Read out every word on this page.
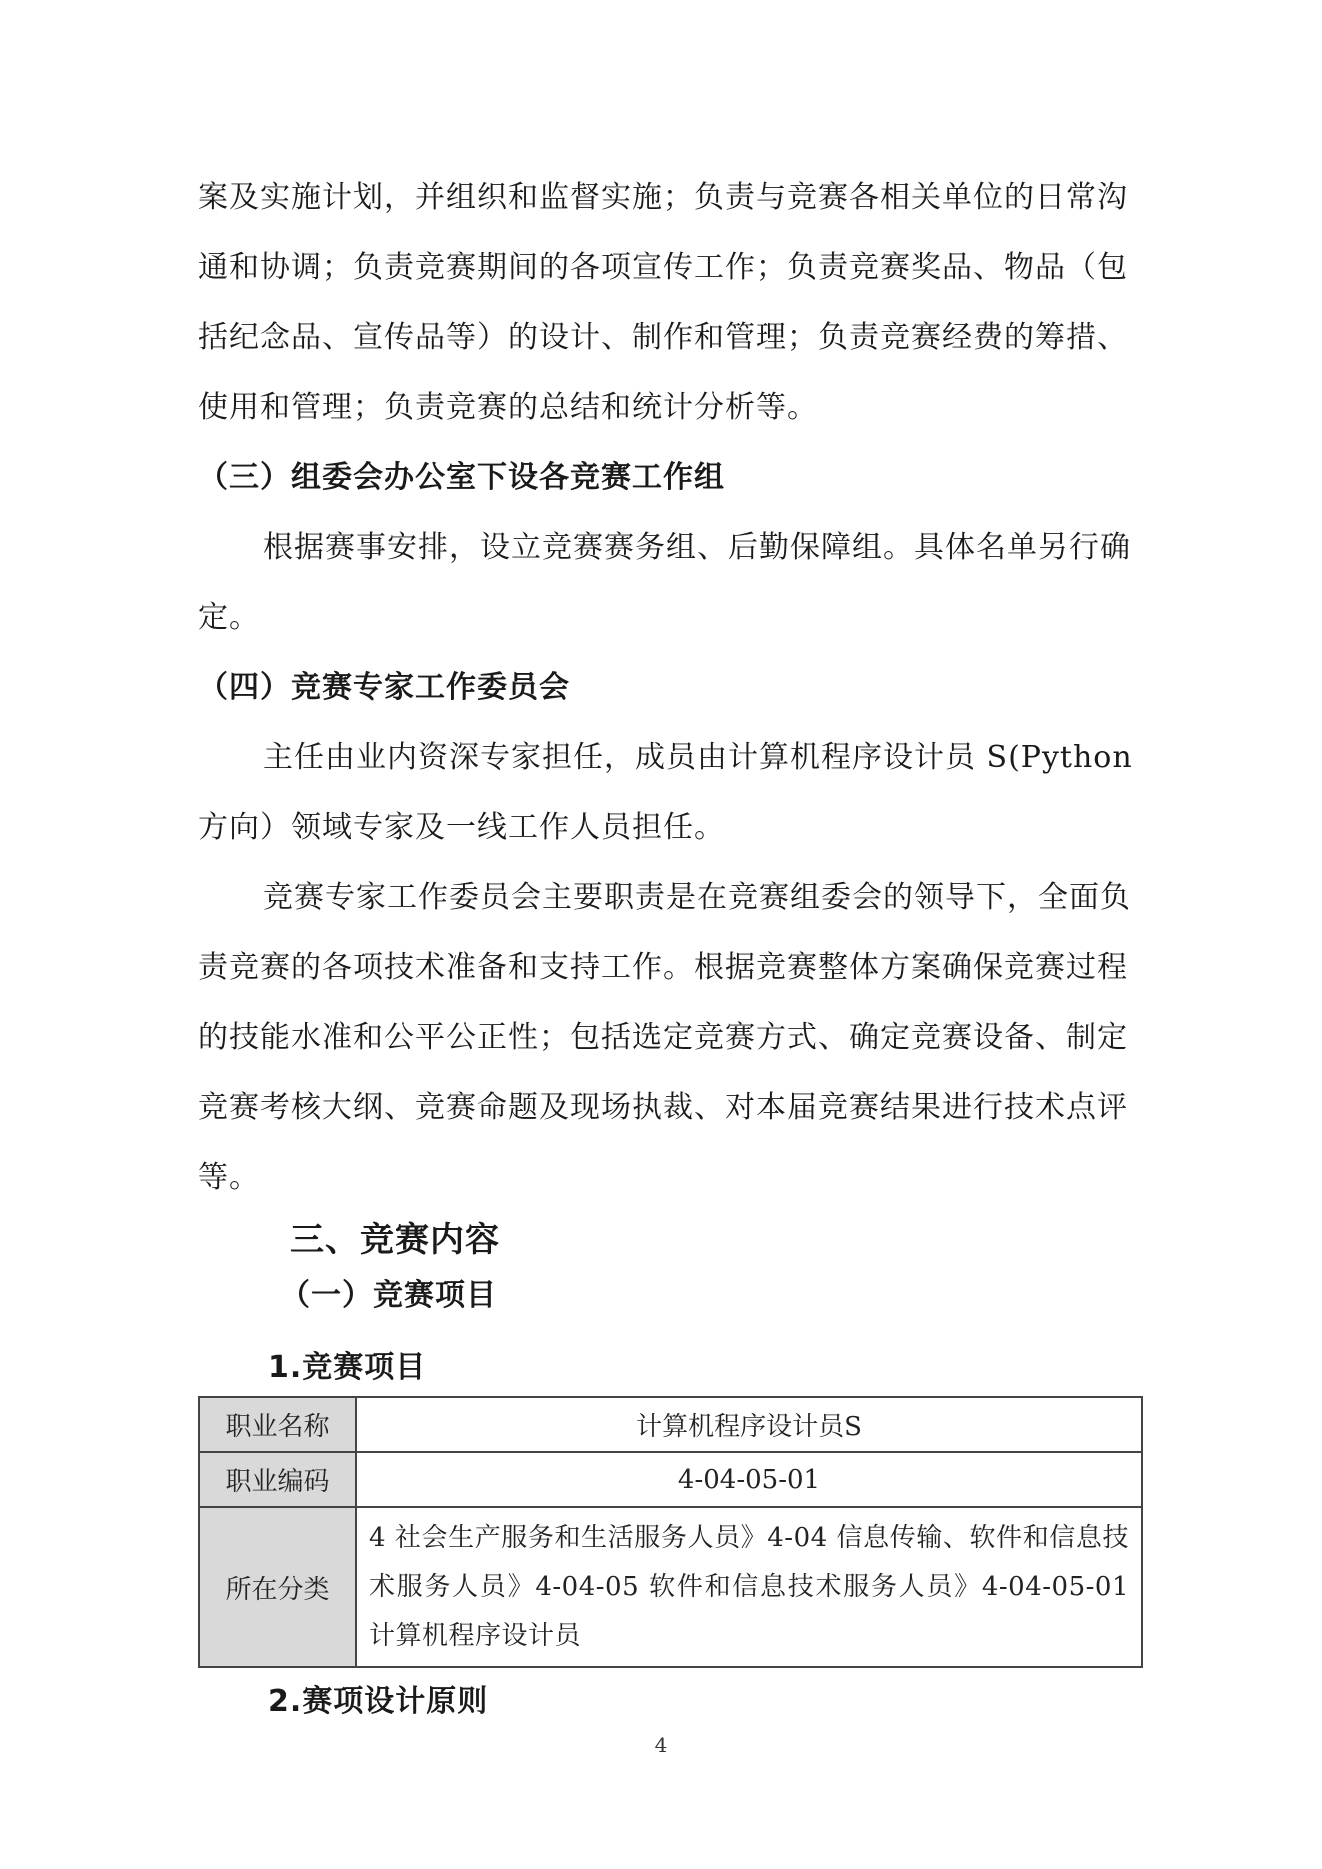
案及实施计划，并组织和监督实施；负责与竞赛各相关单位的日常沟
通和协调；负责竞赛期间的各项宣传工作；负责竞赛奖品、物品（包
括纪念品、宣传品等）的设计、制作和管理；负责竞赛经费的筹措、
使用和管理；负责竞赛的总结和统计分析等。
（三）组委会办公室下设各竞赛工作组
根据赛事安排，设立竞赛赛务组、后勤保障组。具体名单另行确
定。
（四）竞赛专家工作委员会
主任由业内资深专家担任，成员由计算机程序设计员 S(Python
方向）领域专家及一线工作人员担任。
竞赛专家工作委员会主要职责是在竞赛组委会的领导下，全面负
责竞赛的各项技术准备和支持工作。根据竞赛整体方案确保竞赛过程
的技能水准和公平公正性；包括选定竞赛方式、确定竞赛设备、制定
竞赛考核大纲、竞赛命题及现场执裁、对本届竞赛结果进行技术点评
等。
三、竞赛内容
（一）竞赛项目
1.竞赛项目
职业名称	计算机程序设计员S
职业编码	4-04-05-01
所在分类	4 社会生产服务和生活服务人员》4-04 信息传输、软件和信息技术服务人员》4-04-05 软件和信息技术服务人员》4-04-05-01 计算机程序设计员
2.赛项设计原则
4
